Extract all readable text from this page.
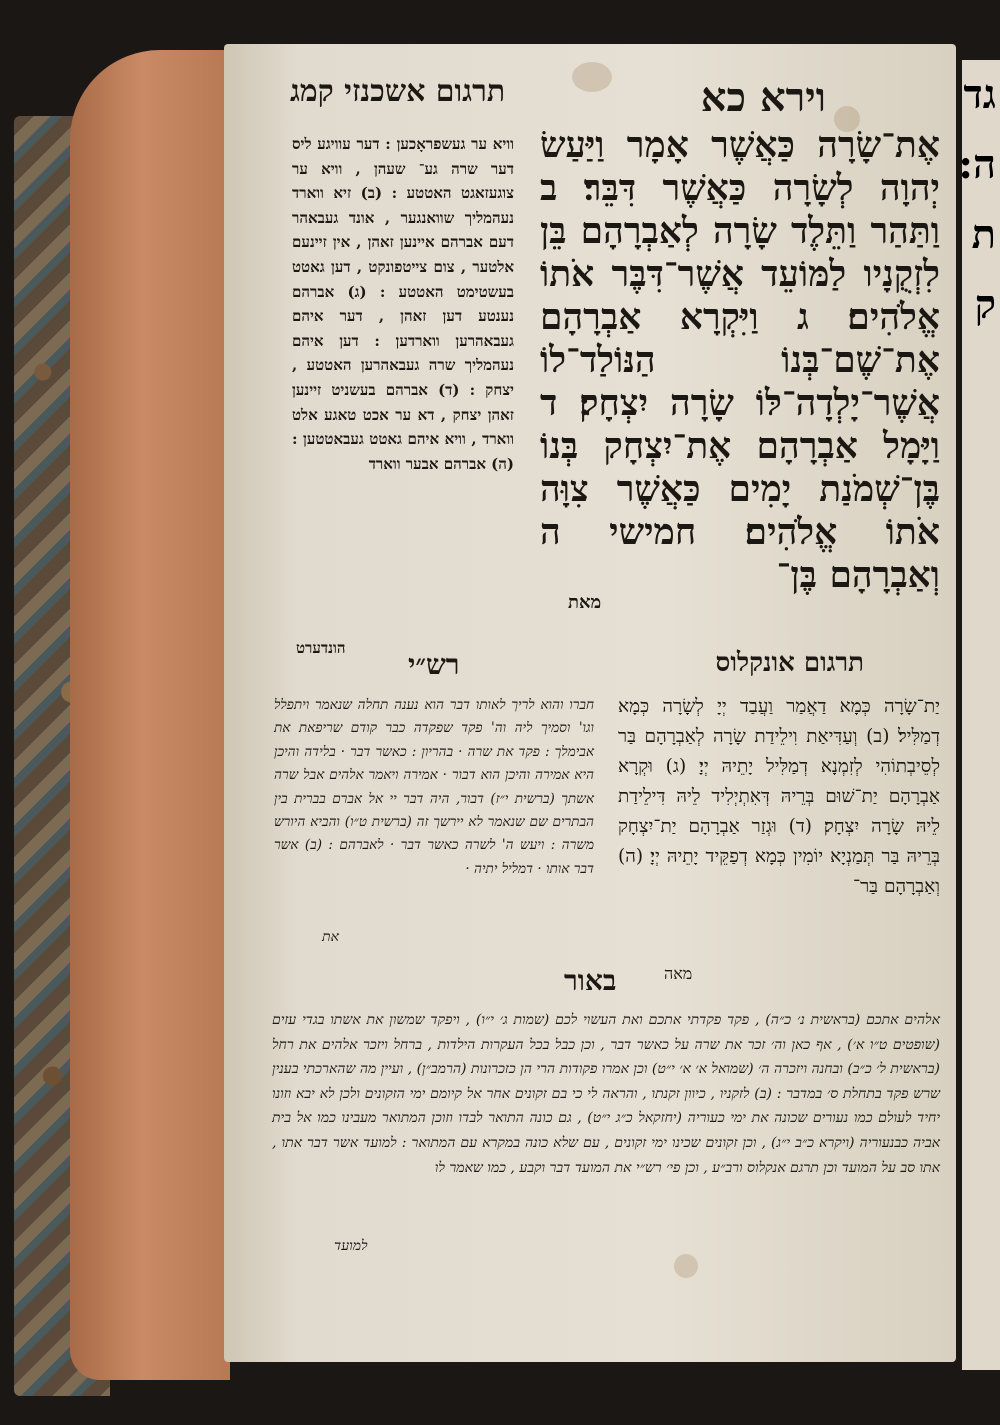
וירא כא
תרגום אשכנזי קמג
אֶת־שָׂרָה כַּאֲשֶׁר אָמָר וַיַּעַשׂ יְהוָה לְשָׂרָה כַּאֲשֶׁר דִּבֵּר׃ ב וַתַּהַר וַתֵּלֶד שָׂרָה לְאַבְרָהָם בֵּן לִזְקֻנָיו לַמּוֹעֵד אֲשֶׁר־דִּבֶּר אֹתוֹ אֱלֹהִים׃ ג וַיִּקְרָא אַבְרָהָם אֶת־שֶׁם־בְּנוֹ הַנּוֹלַד־לוֹ אֲשֶׁר־יָלְדָה־לּוֹ שָׂרָה יִצְחָק׃ ד וַיָּמָל אַבְרָהָם אֶת־יִצְחָק בְּנוֹ בֶּן־שְׁמֹנַת יָמִים כַּאֲשֶׁר צִוָּה אֹתוֹ אֱלֹהִים׃ חמישי ה וְאַבְרָהָם בֶּן־
מאת
וויא ער געשפראָכען : דער עוויגע ליס דער שרה גע־ שעהן , וויא ער צוגעזאגט האטטע : (ב) זיא ווארד נעהמליך שוואנגער , אונד געבאהר דעם אברהם איינען זאהן , אין זיינעם אלטער , צום צייטפונקט , דען גאטט בעשטימט האטטע : (ג) אברהם נענטע דען זאהן , דער איהם געבאהרען ווארדען : דען איהם נעהמליך שרה געבאהרען האטטע , יצחק : (ד) אברהם בעשניט זיינען זאהן יצחק , דא ער אכט טאגע אלט ווארד , וויא איהם גאטט געבאטטען : (ה) אברהם אבער ווארד
הונדערט	תרגום אונקלוס
יַת־שָׂרָה כְּמָא דַאֲמַר וַעֲבַד יְיָ לְשָׂרָה כְּמָא דְמַלִּיל׃ (ב) וְעַדִּיאַת וִילֵידַת שָׂרָה לְאַבְרָהָם בַּר לְסֵיבְתוֹהִי לְזִמְנָא דְמַלִּיל יָתֵיהּ יְיָ׃ (ג) וּקְרָא אַבְרָהָם יַת־שׁוּם בְּרֵיהּ דְּאִתְיְלִיד לֵיהּ דִּילֵידַת לֵיהּ שָׂרָה יִצְחָק׃ (ד) וּגְזַר אַבְרָהָם יַת־יִצְחָק בְּרֵיהּ בַּר תְּמַנְיָא יוֹמִין כְּמָא דְפַקֵּיד יָתֵיהּ יְיָ׃ (ה) וְאַבְרָהָם בַּר־
מאה
רש״י
חברו והוא לריך לאותו דבר הוא נענה תחלה שנאמר ויתפלל וגו' וסמיך ליה וה' פקד שפקדה כבר קודם שריפאת את אבימלך : פקד את שרה · בהריון : כאשר דבר · בלידה והיכן היא אמירה והיכן הוא דבור · אמירה ויאמר אלהים אבל שרה אשתך (ברשית י״ז) דבור, היה דבר יי אל אברם בברית בין הבתרים שם שנאמר לא יירשך זה (ברשית ט״ו) והביא היורש משרה : ויעש ה' לשרה כאשר דבר · לאברהם : (ב) אשר דבר אותו · דמליל יתיה ·
את
באור
אלהים אתכם (בראשית נ׳ כ״ה) , פקד פקדתי אתכם ואת העשוי לכם (שמות ג׳ י״ו) , ויפקד שמשון את אשתו בגדי עזים (שופטים ט״ו א׳) , אף כאן וה׳ זכר את שרה על כאשר דבר , וכן כבל בכל העקרות הילדות , ברחל ויזכר אלהים את רחל (בראשית ל׳ כ״ב) ובחנה ויזכרה ה׳ (שמואל א׳ א׳ י״ט) וכן אמרו פקודות הרי הן כזכרונות (הרמב״ן) , ועיין מה שהארכתי בענין שרש פקד בתחלת ס׳ במדבר : (ב) לזקניו , כיוון זקנתו , והראה לי כי בם זקונים אחר אל קיומם ימי הזקונים ולכן לא יבא וזונו יחיד לעולם כמו נעורים שכונה את ימי כעוריה (יחזקאל כ״ג י״ט) , גם כונה התואר לבדו וזוכן המתואר מעבינו כמו אל בית אביה כבנעוריה (ויקרא כ״ב י״ג) , וכן זקונים שכינו ימי זקונים , עם שלא כונה במקרא עם המתואר : למועד אשר דבר אתו , אתו סב על המועד וכן תרגם אנקלוס ורב״ע , וכן פי׳ רש״י את המועד דבר וקבע , כמו שאמר לו
למועד
גד
ה:
ת
ק
